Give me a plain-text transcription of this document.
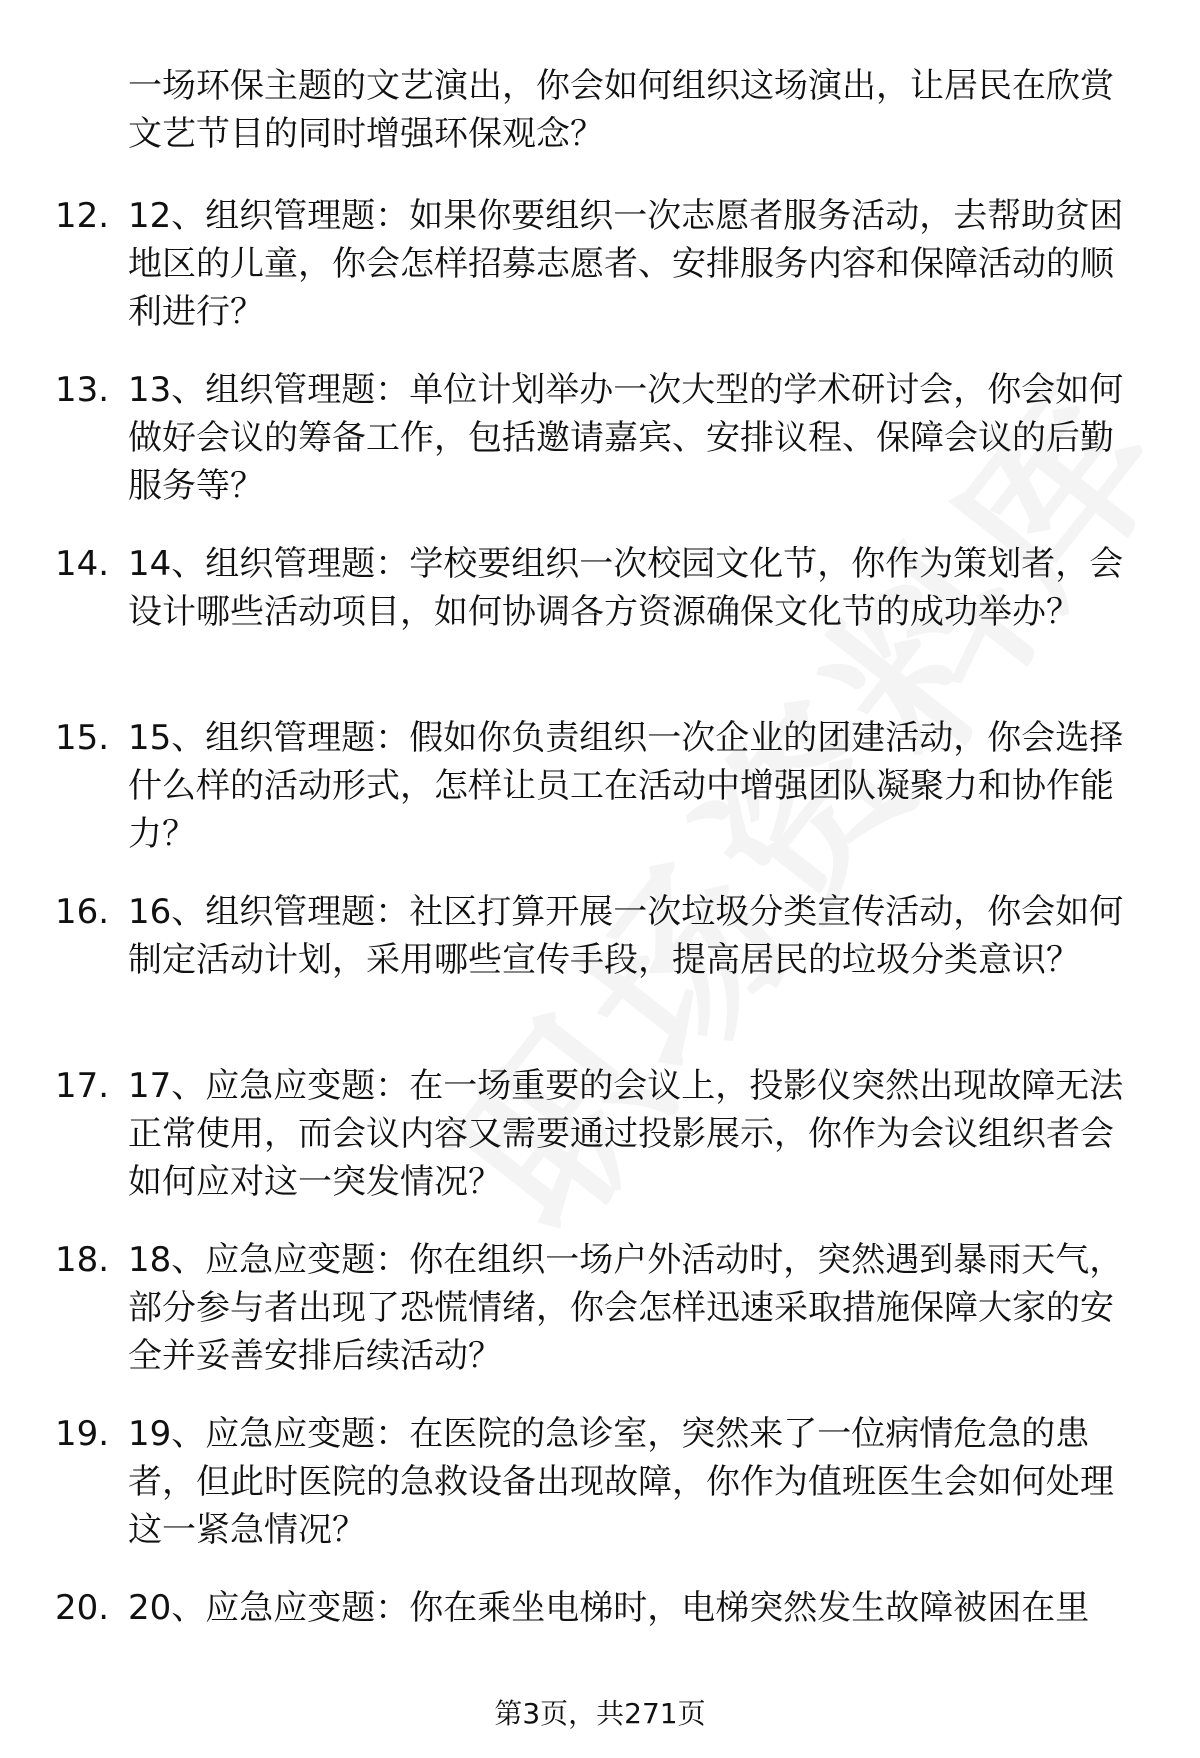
一场环保主题的文艺演出，你会如何组织这场演出，让居民在欣赏文艺节目的同时增强环保观念？
12. 12、组织管理题：如果你要组织一次志愿者服务活动，去帮助贫困地区的儿童，你会怎样招募志愿者、安排服务内容和保障活动的顺利进行？
13. 13、组织管理题：单位计划举办一次大型的学术研讨会，你会如何做好会议的筹备工作，包括邀请嘉宾、安排议程、保障会议的后勤服务等？
14. 14、组织管理题：学校要组织一次校园文化节，你作为策划者，会设计哪些活动项目，如何协调各方资源确保文化节的成功举办？
15. 15、组织管理题：假如你负责组织一次企业的团建活动，你会选择什么样的活动形式，怎样让员工在活动中增强团队凝聚力和协作能力？
16. 16、组织管理题：社区打算开展一次垃圾分类宣传活动，你会如何制定活动计划，采用哪些宣传手段，提高居民的垃圾分类意识？
17. 17、应急应变题：在一场重要的会议上，投影仪突然出现故障无法正常使用，而会议内容又需要通过投影展示，你作为会议组织者会如何应对这一突发情况？
18. 18、应急应变题：你在组织一场户外活动时，突然遇到暴雨天气，部分参与者出现了恐慌情绪，你会怎样迅速采取措施保障大家的安全并妥善安排后续活动？
19. 19、应急应变题：在医院的急诊室，突然来了一位病情危急的患者，但此时医院的急救设备出现故障，你作为值班医生会如何处理这一紧急情况？
20. 20、应急应变题：你在乘坐电梯时，电梯突然发生故障被困在里
第3页，共271页
